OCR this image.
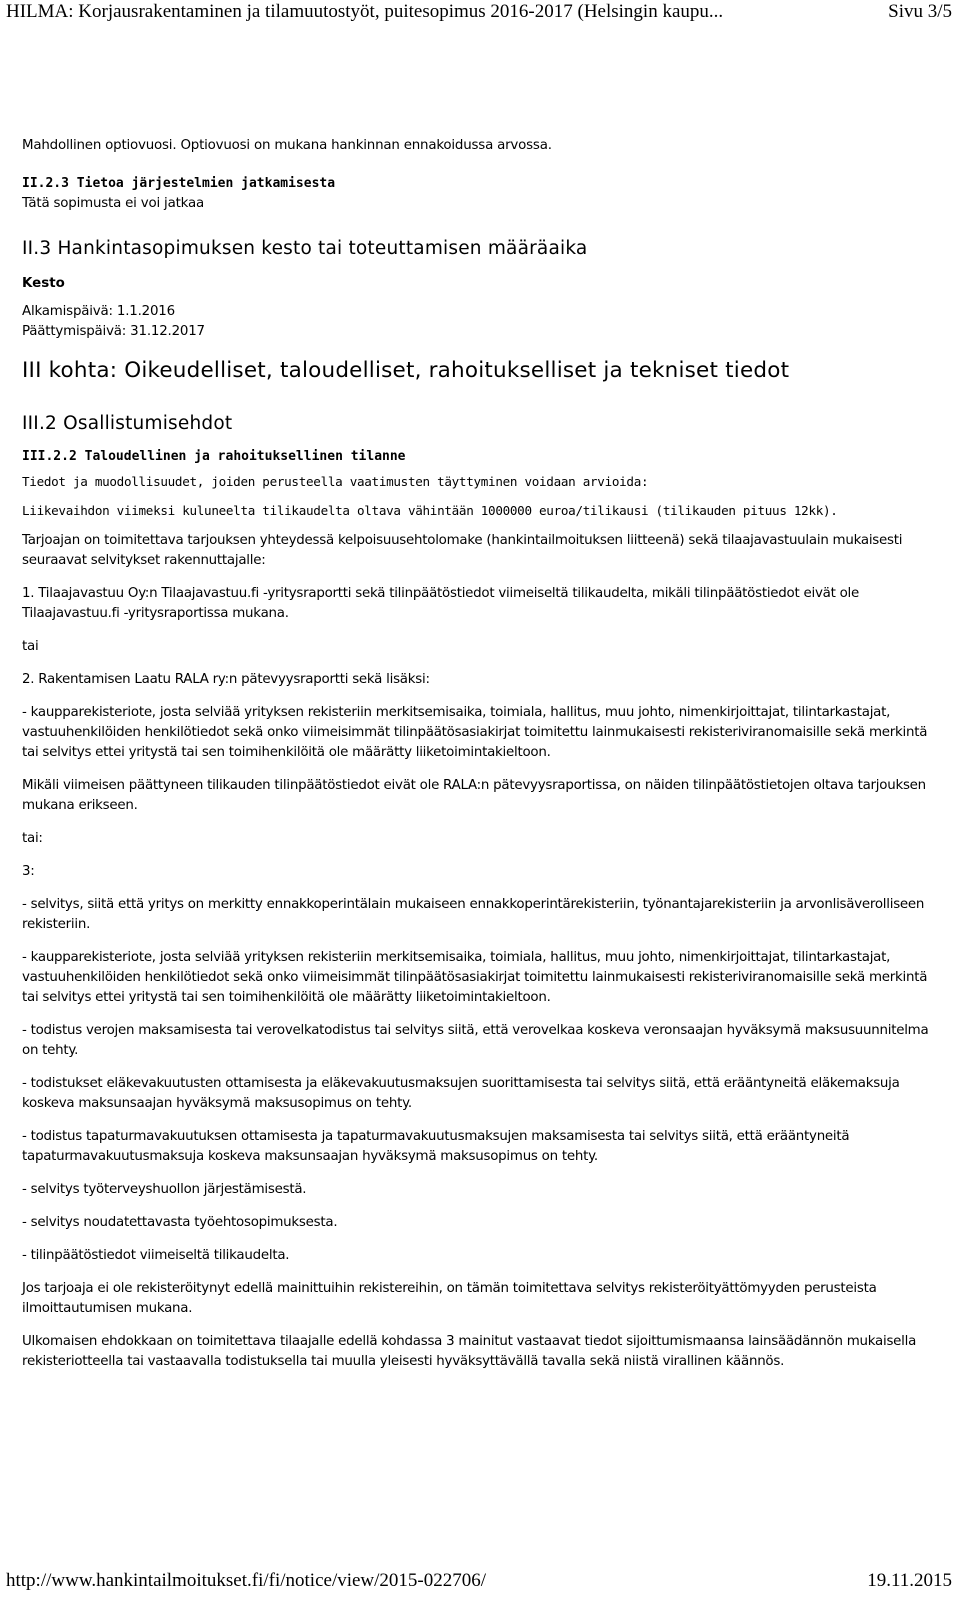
HILMA: Korjausrakentaminen ja tilamuutostyöt, puitesopimus 2016-2017 (Helsingin kaupu...	Sivu 3/5

Mahdollinen optiovuosi. Optiovuosi on mukana hankinnan ennakoidussa arvossa.

II.2.3 Tietoa järjestelmien jatkamisesta

Tätä sopimusta ei voi jatkaa

II.3 Hankintasopimuksen kesto tai toteuttamisen määräaika

Kesto

Alkamispäivä: 1.1.2016

Päättymispäivä: 31.12.2017

III kohta: Oikeudelliset, taloudelliset, rahoitukselliset ja tekniset tiedot

III.2 Osallistumisehdot

III.2.2 Taloudellinen ja rahoituksellinen tilanne

Tiedot ja muodollisuudet, joiden perusteella vaatimusten täyttyminen voidaan arvioida:

Liikevaihdon viimeksi kuluneelta tilikaudelta oltava vähintään 1000000 euroa/tilikausi (tilikauden pituus 12kk).

Tarjoajan on toimitettava tarjouksen yhteydessä kelpoisuusehtolomake (hankintailmoituksen liitteenä) sekä tilaajavastuulain mukaisesti seuraavat selvitykset rakennuttajalle:

1. Tilaajavastuu Oy:n Tilaajavastuu.fi -yritysraportti sekä tilinpäätöstiedot viimeiseltä tilikaudelta, mikäli tilinpäätöstiedot eivät ole Tilaajavastuu.fi -yritysraportissa mukana.

tai

2. Rakentamisen Laatu RALA ry:n pätevyysraportti sekä lisäksi:

- kaupparekisteriote, josta selviää yrityksen rekisteriin merkitsemisaika, toimiala, hallitus, muu johto, nimenkirjoittajat, tilintarkastajat, vastuuhenkilöiden henkilötiedot sekä onko viimeisimmät tilinpäätösasiakirjat toimitettu lainmukaisesti rekisteriviranomaisille sekä merkintä tai selvitys ettei yritystä tai sen toimihenkilöitä ole määrätty liiketoimintakieltoon.

Mikäli viimeisen päättyneen tilikauden tilinpäätöstiedot eivät ole RALA:n pätevyysraportissa, on näiden tilinpäätöstietojen oltava tarjouksen mukana erikseen.

tai:

3:

- selvitys, siitä että yritys on merkitty ennakkoperintälain mukaiseen ennakkoperintärekisteriin, työnantajarekisteriin ja arvonlisäverolliseen rekisteriin.

- kaupparekisteriote, josta selviää yrityksen rekisteriin merkitsemisaika, toimiala, hallitus, muu johto, nimenkirjoittajat, tilintarkastajat, vastuuhenkilöiden henkilötiedot sekä onko viimeisimmät tilinpäätösasiakirjat toimitettu lainmukaisesti rekisteriviranomaisille sekä merkintä tai selvitys ettei yritystä tai sen toimihenkilöitä ole määrätty liiketoimintakieltoon.

- todistus verojen maksamisesta tai verovelkatodistus tai selvitys siitä, että verovelkaa koskeva veronsaajan hyväksymä maksusuunnitelma on tehty.

- todistukset eläkevakuutusten ottamisesta ja eläkevakuutusmaksujen suorittamisesta tai selvitys siitä, että erääntyneitä eläkemaksuja koskeva maksunsaajan hyväksymä maksusopimus on tehty.

- todistus tapaturmavakuutuksen ottamisesta ja tapaturmavakuutusmaksujen maksamisesta tai selvitys siitä, että erääntyneitä tapaturmavakuutusmaksuja koskeva maksunsaajan hyväksymä maksusopimus on tehty.

- selvitys työterveyshuollon järjestämisestä.

- selvitys noudatettavasta työehtosopimuksesta.

- tilinpäätöstiedot viimeiseltä tilikaudelta.

Jos tarjoaja ei ole rekisteröitynyt edellä mainittuihin rekistereihin, on tämän toimitettava selvitys rekisteröityättömyyden perusteista ilmoittautumisen mukana.

Ulkomaisen ehdokkaan on toimitettava tilaajalle edellä kohdassa 3 mainitut vastaavat tiedot sijoittumismaansa lainsäädännön mukaisella rekisteriotteella tai vastaavalla todistuksella tai muulla yleisesti hyväksyttävällä tavalla sekä niistä virallinen käännös.

http://www.hankintailmoitukset.fi/fi/notice/view/2015-022706/	19.11.2015
